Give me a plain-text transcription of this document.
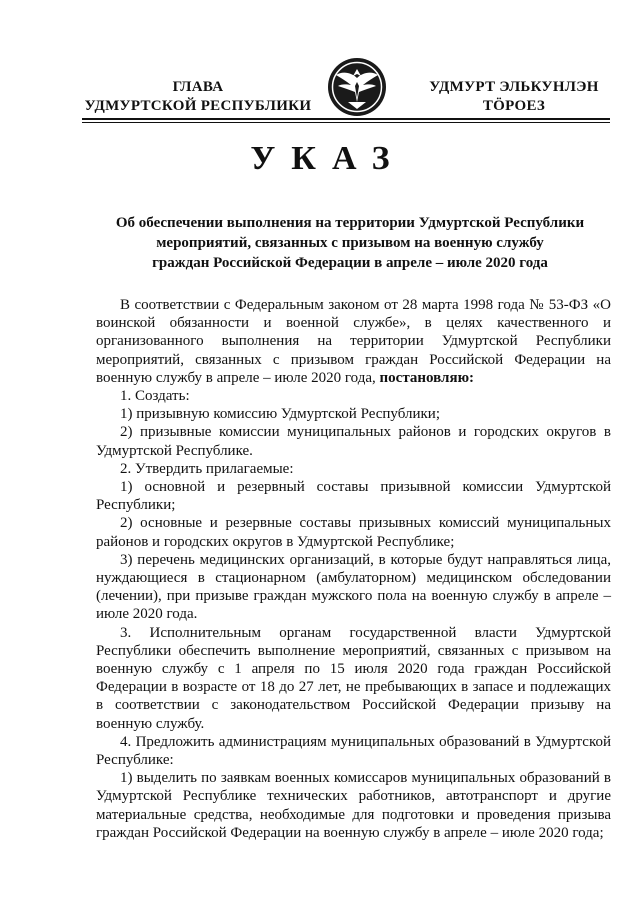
ГЛАВА
УДМУРТСКОЙ РЕСПУБЛИКИ
УДМУРТ ЭЛЬКУНЛЭН
ТӦРОЕЗ
УКАЗ
Об обеспечении выполнения на территории Удмуртской Республики
мероприятий, связанных с призывом на военную службу
граждан Российской Федерации в апреле – июле 2020 года

В соответствии с Федеральным законом от 28 марта 1998 года № 53-ФЗ «О воинской обязанности и военной службе», в целях качественного и организованного выполнения на территории Удмуртской Республики мероприятий, связанных с призывом граждан Российской Федерации на военную службу в апреле – июле 2020 года, постановляю:

1. Создать:

1) призывную комиссию Удмуртской Республики;

2) призывные комиссии муниципальных районов и городских округов в Удмуртской Республике.

2. Утвердить прилагаемые:

1) основной и резервный составы призывной комиссии Удмуртской Республики;

2) основные и резервные составы призывных комиссий муниципальных районов и городских округов в Удмуртской Республике;

3) перечень медицинских организаций, в которые будут направляться лица, нуждающиеся в стационарном (амбулаторном) медицинском обследовании (лечении), при призыве граждан мужского пола на военную службу в апреле – июле 2020 года.

3. Исполнительным органам государственной власти Удмуртской Республики обеспечить выполнение мероприятий, связанных с призывом на военную службу с 1 апреля по 15 июля 2020 года граждан Российской Федерации в возрасте от 18 до 27 лет, не пребывающих в запасе и подлежащих в соответствии с законодательством Российской Федерации призыву на военную службу.

4. Предложить администрациям муниципальных образований в Удмуртской Республике:

1) выделить по заявкам военных комиссаров муниципальных образований в Удмуртской Республике технических работников, автотранспорт и другие материальные средства, необходимые для подготовки и проведения призыва граждан Российской Федерации на военную службу в апреле – июле 2020 года;
